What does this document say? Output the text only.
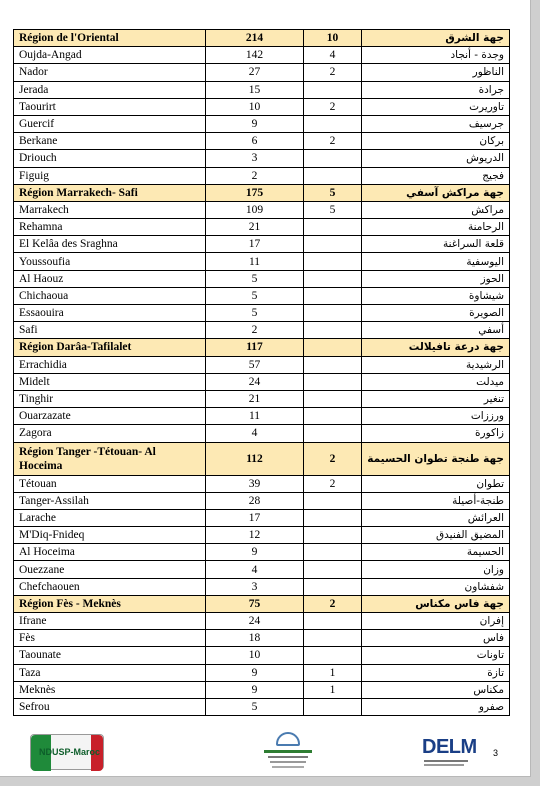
Région de l'Oriental	214	10	جهة الشرق
Oujda-Angad	142	4	وجدة - أنجاد
Nador	27	2	الناظور
Jerada	15		جرادة
Taourirt	10	2	تاوريرت
Guercif	9		جرسيف
Berkane	6	2	بركان
Driouch	3		الدريوش
Figuig	2		فجيج
Région Marrakech- Safi	175	5	جهة مراكش آسفي
Marrakech	109	5	مراكش
Rehamna	21		الرحامنة
El Kelâa des Sraghna	17		قلعة السراغنة
Youssoufia	11		اليوسفية
Al Haouz	5		الحوز
Chichaoua	5		شيشاوة
Essaouira	5		الصويرة
Safi	2		أسفي
Région Darâa-Tafilalet	117		جهة درعة تافيلالت
Errachidia	57		الرشيدية
Midelt	24		ميدلت
Tinghir	21		تنغير
Ouarzazate	11		ورززات
Zagora	4		زاكورة
Région Tanger -Tétouan- Al Hoceima	112	2	جهة طنجة تطوان الحسيمة
Tétouan	39	2	تطوان
Tanger-Assilah	28		طنجة-أصيلة
Larache	17		العرائش
M'Diq-Fnideq	12		المضيق الفنيدق
Al Hoceima	9		الحسيمة
Ouezzane	4		وزان
Chefchaouen	3		شفشاون
Région Fès - Meknès	75	2	جهة فاس مكناس
Ifrane	24		إفران
Fès	18		فاس
Taounate	10		تاونات
Taza	9	1	تازة
Meknès	9	1	مكناس
Sefrou	5		صفرو
NDUSP-Maroc	DELM 3
